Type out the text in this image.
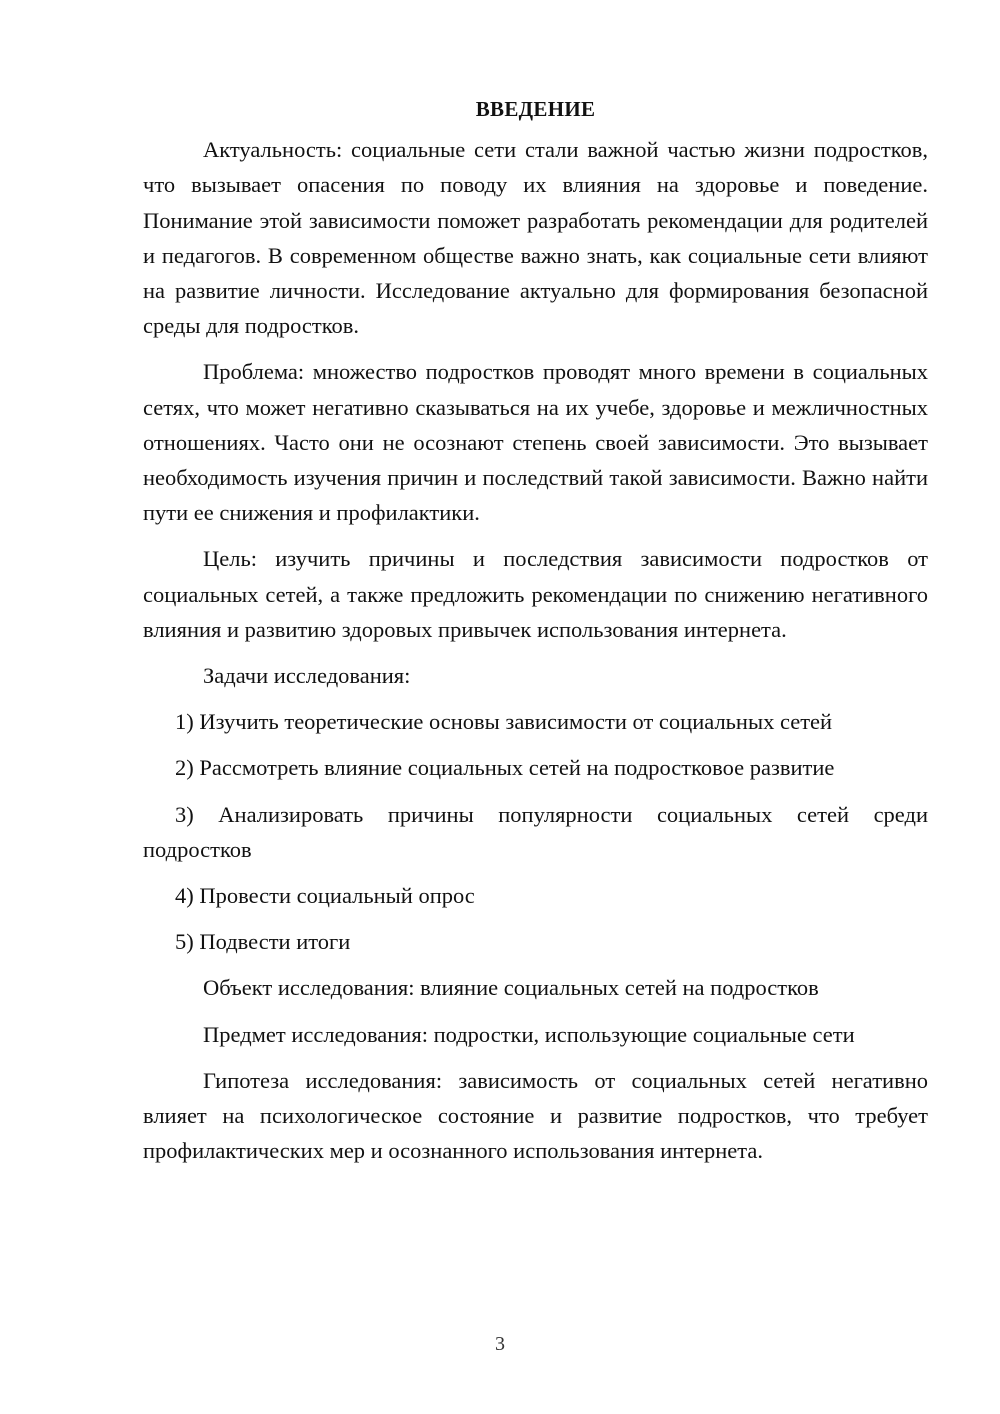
ВВЕДЕНИЕ

Актуальность: социальные сети стали важной частью жизни подростков, что вызывает опасения по поводу их влияния на здоровье и поведение. Понимание этой зависимости поможет разработать рекомендации для родителей и педагогов. В современном обществе важно знать, как социальные сети влияют на развитие личности. Исследование актуально для формирования безопасной среды для подростков.

Проблема: множество подростков проводят много времени в социальных сетях, что может негативно сказываться на их учебе, здоровье и межличностных отношениях. Часто они не осознают степень своей зависимости. Это вызывает необходимость изучения причин и последствий такой зависимости. Важно найти пути ее снижения и профилактики.

Цель: изучить причины и последствия зависимости подростков от социальных сетей, а также предложить рекомендации по снижению негативного влияния и развитию здоровых привычек использования интернета.

Задачи исследования:

1) Изучить теоретические основы зависимости от социальных сетей

2) Рассмотреть влияние социальных сетей на подростковое развитие

3) Анализировать причины популярности социальных сетей среди подростков

4) Провести социальный опрос

5) Подвести итоги

Объект исследования: влияние социальных сетей на подростков

Предмет исследования: подростки, использующие социальные сети

Гипотеза исследования: зависимость от социальных сетей негативно влияет на психологическое состояние и развитие подростков, что требует профилактических мер и осознанного использования интернета.

3
